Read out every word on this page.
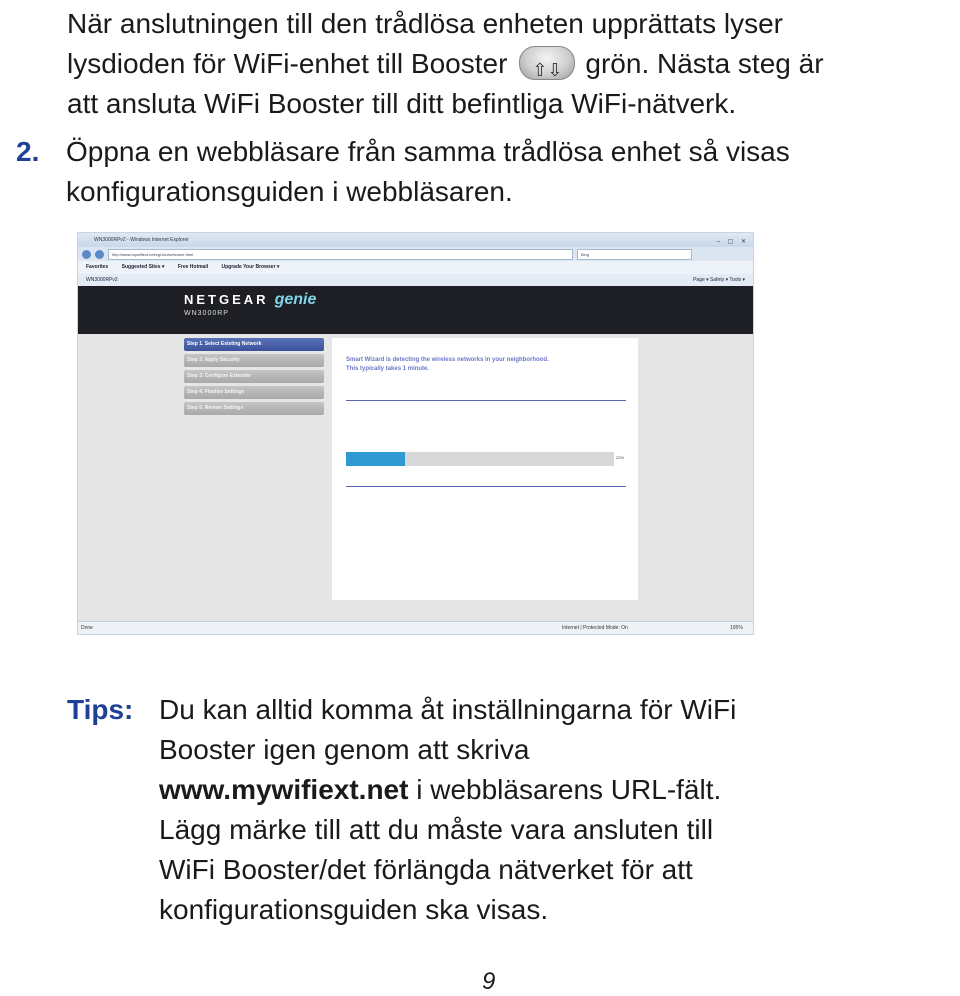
När anslutningen till den trådlösa enheten upprättats lyser
lysdioden för WiFi-enhet till Booster ⇧⇩ grön. Nästa steg är
att ansluta WiFi Booster till ditt befintliga WiFi-nätverk.

2. Öppna en webbläsare från samma trådlösa enhet så visas
konfigurationsguiden i webbläsaren.

WN3000RPv2 - Windows Internet Explorer	– ▢ ✕
http://www.mywifiext.net/cgi-bin/welcome.html	Bing
Favorites	Suggested Sites ▾	Free Hotmail	Upgrade Your Browser ▾
WN3000RPv2	Page ▾ Safety ▾ Tools ▾
NETGEAR genie
WN3000RP
Step 1. Select Existing Network
Step 2. Apply Security
Step 3. Configure Extender
Step 4. Finalize Settings
Step 5. Review Settings
Smart Wizard is detecting the wireless networks in your neighborhood.
This typically takes 1 minute.
22%
Done	Internet | Protected Mode: On	105%

Tips: Du kan alltid komma åt inställningarna för WiFi
Booster igen genom att skriva
www.mywifiext.net i webbläsarens URL-fält.
Lägg märke till att du måste vara ansluten till
WiFi Booster/det förlängda nätverket för att
konfigurationsguiden ska visas.

9
